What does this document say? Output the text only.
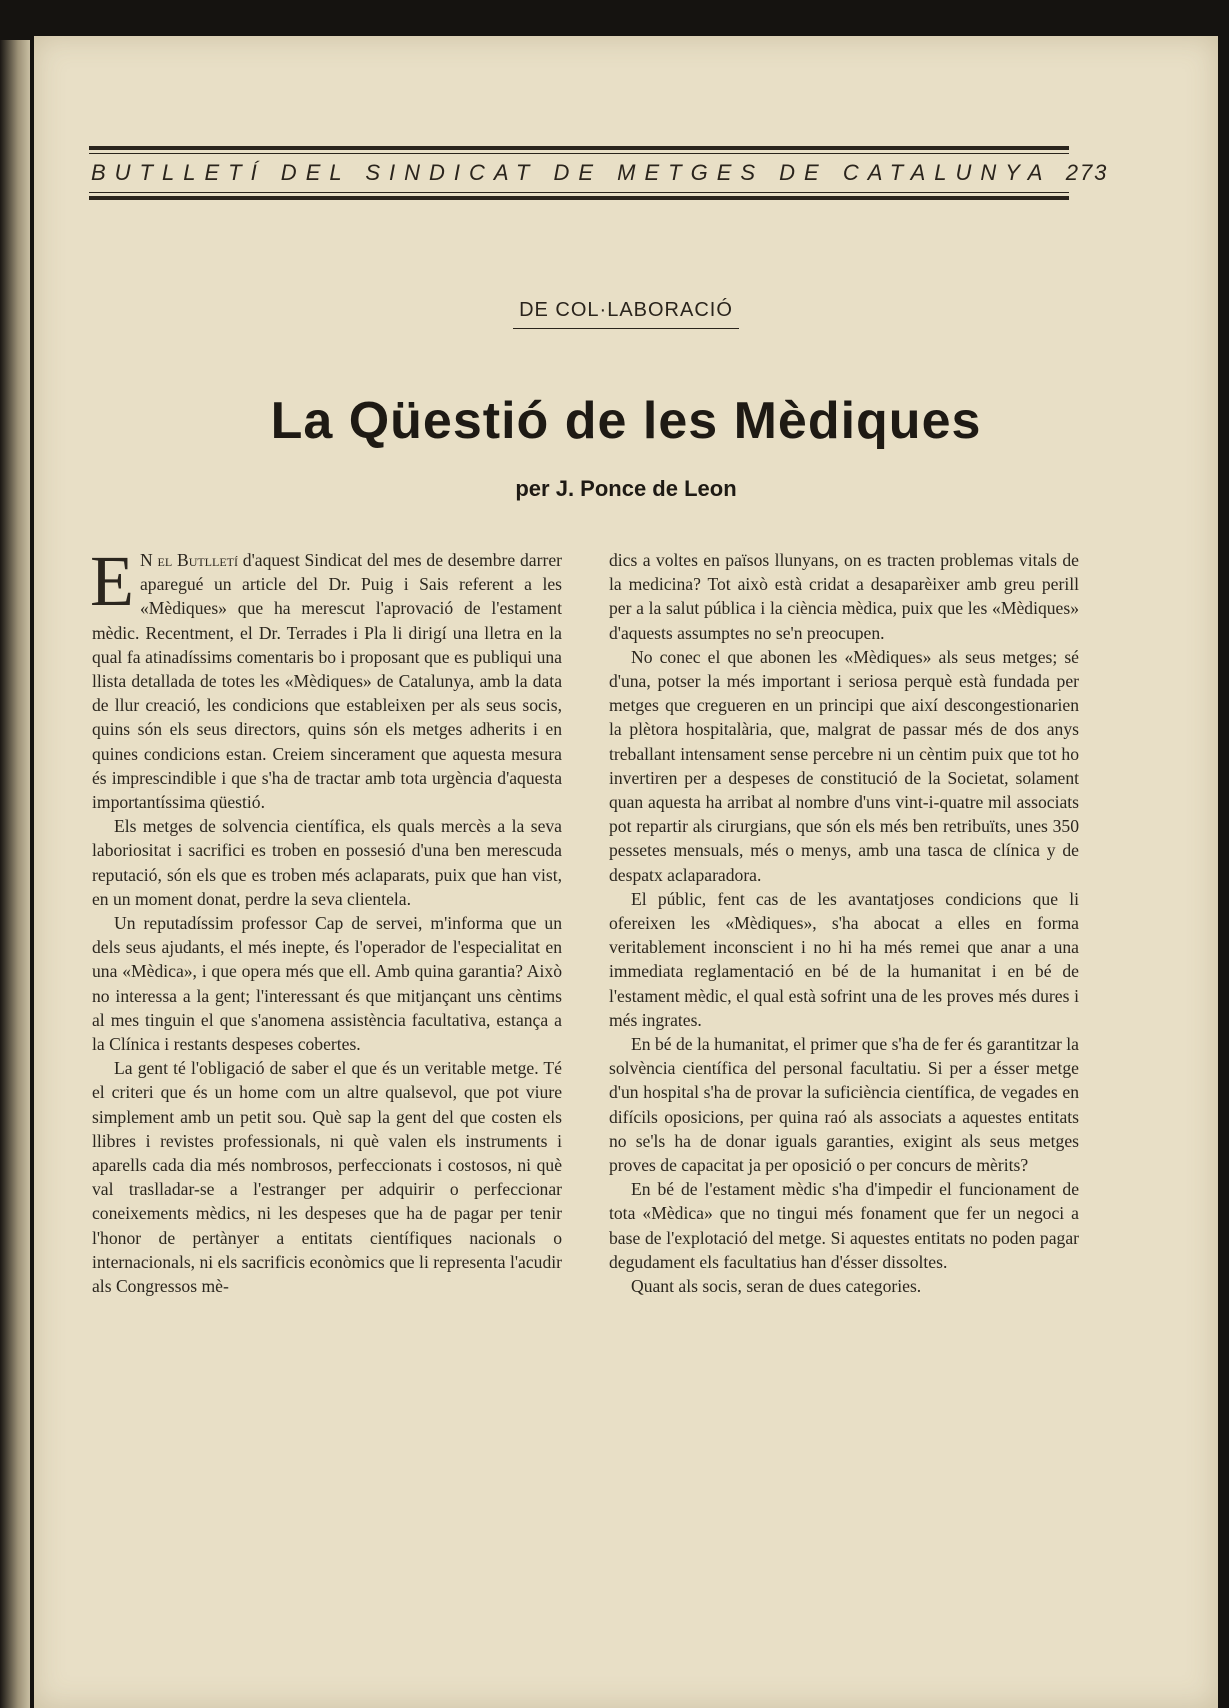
BUTLLETÍ DEL SINDICAT DE METGES DE CATALUNYA 273
DE COL·LABORACIÓ
La Qüestió de les Mèdiques
per J. Ponce de Leon

E N el Butlletí d'aquest Sindicat del mes de desembre darrer aparegué un article del Dr. Puig i Sais referent a les «Mèdiques» que ha merescut l'aprovació de l'estament mèdic. Recentment, el Dr. Terrades i Pla li dirigí una lletra en la qual fa atinadíssims comentaris bo i proposant que es publiqui una llista detallada de totes les «Mèdiques» de Catalunya, amb la data de llur creació, les condicions que estableixen per als seus socis, quins són els seus directors, quins són els metges adherits i en quines condicions estan. Creiem sincerament que aquesta mesura és imprescindible i que s'ha de tractar amb tota urgència d'aquesta importantíssima qüestió.

Els metges de solvencia científica, els quals mercès a la seva laboriositat i sacrifici es troben en possesió d'una ben merescuda reputació, són els que es troben més aclaparats, puix que han vist, en un moment donat, perdre la seva clientela.

Un reputadíssim professor Cap de servei, m'informa que un dels seus ajudants, el més inepte, és l'operador de l'especialitat en una «Mèdica», i que opera més que ell. Amb quina garantia? Això no interessa a la gent; l'interessant és que mitjançant uns cèntims al mes tinguin el que s'anomena assistència facultativa, estança a la Clínica i restants despeses cobertes.

La gent té l'obligació de saber el que és un veritable metge. Té el criteri que és un home com un altre qualsevol, que pot viure simplement amb un petit sou. Què sap la gent del que costen els llibres i revistes professionals, ni què valen els instruments i aparells cada dia més nombrosos, perfeccionats i costosos, ni què val traslladar-se a l'estranger per adquirir o perfeccionar coneixements mèdics, ni les despeses que ha de pagar per tenir l'honor de pertànyer a entitats científiques nacionals o internacionals, ni els sacrificis econòmics que li representa l'acudir als Congressos mè-

dics a voltes en països llunyans, on es tracten problemas vitals de la medicina? Tot això està cridat a desaparèixer amb greu perill per a la salut pública i la ciència mèdica, puix que les «Mèdiques» d'aquests assumptes no se'n preocupen.

No conec el que abonen les «Mèdiques» als seus metges; sé d'una, potser la més important i seriosa perquè està fundada per metges que cregueren en un principi que així descongestionarien la plètora hospitalària, que, malgrat de passar més de dos anys treballant intensament sense percebre ni un cèntim puix que tot ho invertiren per a despeses de constitució de la Societat, solament quan aquesta ha arribat al nombre d'uns vint-i-quatre mil associats pot repartir als cirurgians, que són els més ben retribuïts, unes 350 pessetes mensuals, més o menys, amb una tasca de clínica y de despatx aclaparadora.

El públic, fent cas de les avantatjoses condicions que li ofereixen les «Mèdiques», s'ha abocat a elles en forma veritablement inconscient i no hi ha més remei que anar a una immediata reglamentació en bé de la humanitat i en bé de l'estament mèdic, el qual està sofrint una de les proves més dures i més ingrates.

En bé de la humanitat, el primer que s'ha de fer és garantitzar la solvència científica del personal facultatiu. Si per a ésser metge d'un hospital s'ha de provar la suficiència científica, de vegades en difícils oposicions, per quina raó als associats a aquestes entitats no se'ls ha de donar iguals garanties, exigint als seus metges proves de capacitat ja per oposició o per concurs de mèrits?

En bé de l'estament mèdic s'ha d'impedir el funcionament de tota «Mèdica» que no tingui més fonament que fer un negoci a base de l'explotació del metge. Si aquestes entitats no poden pagar degudament els facultatius han d'ésser dissoltes.

Quant als socis, seran de dues categories.
